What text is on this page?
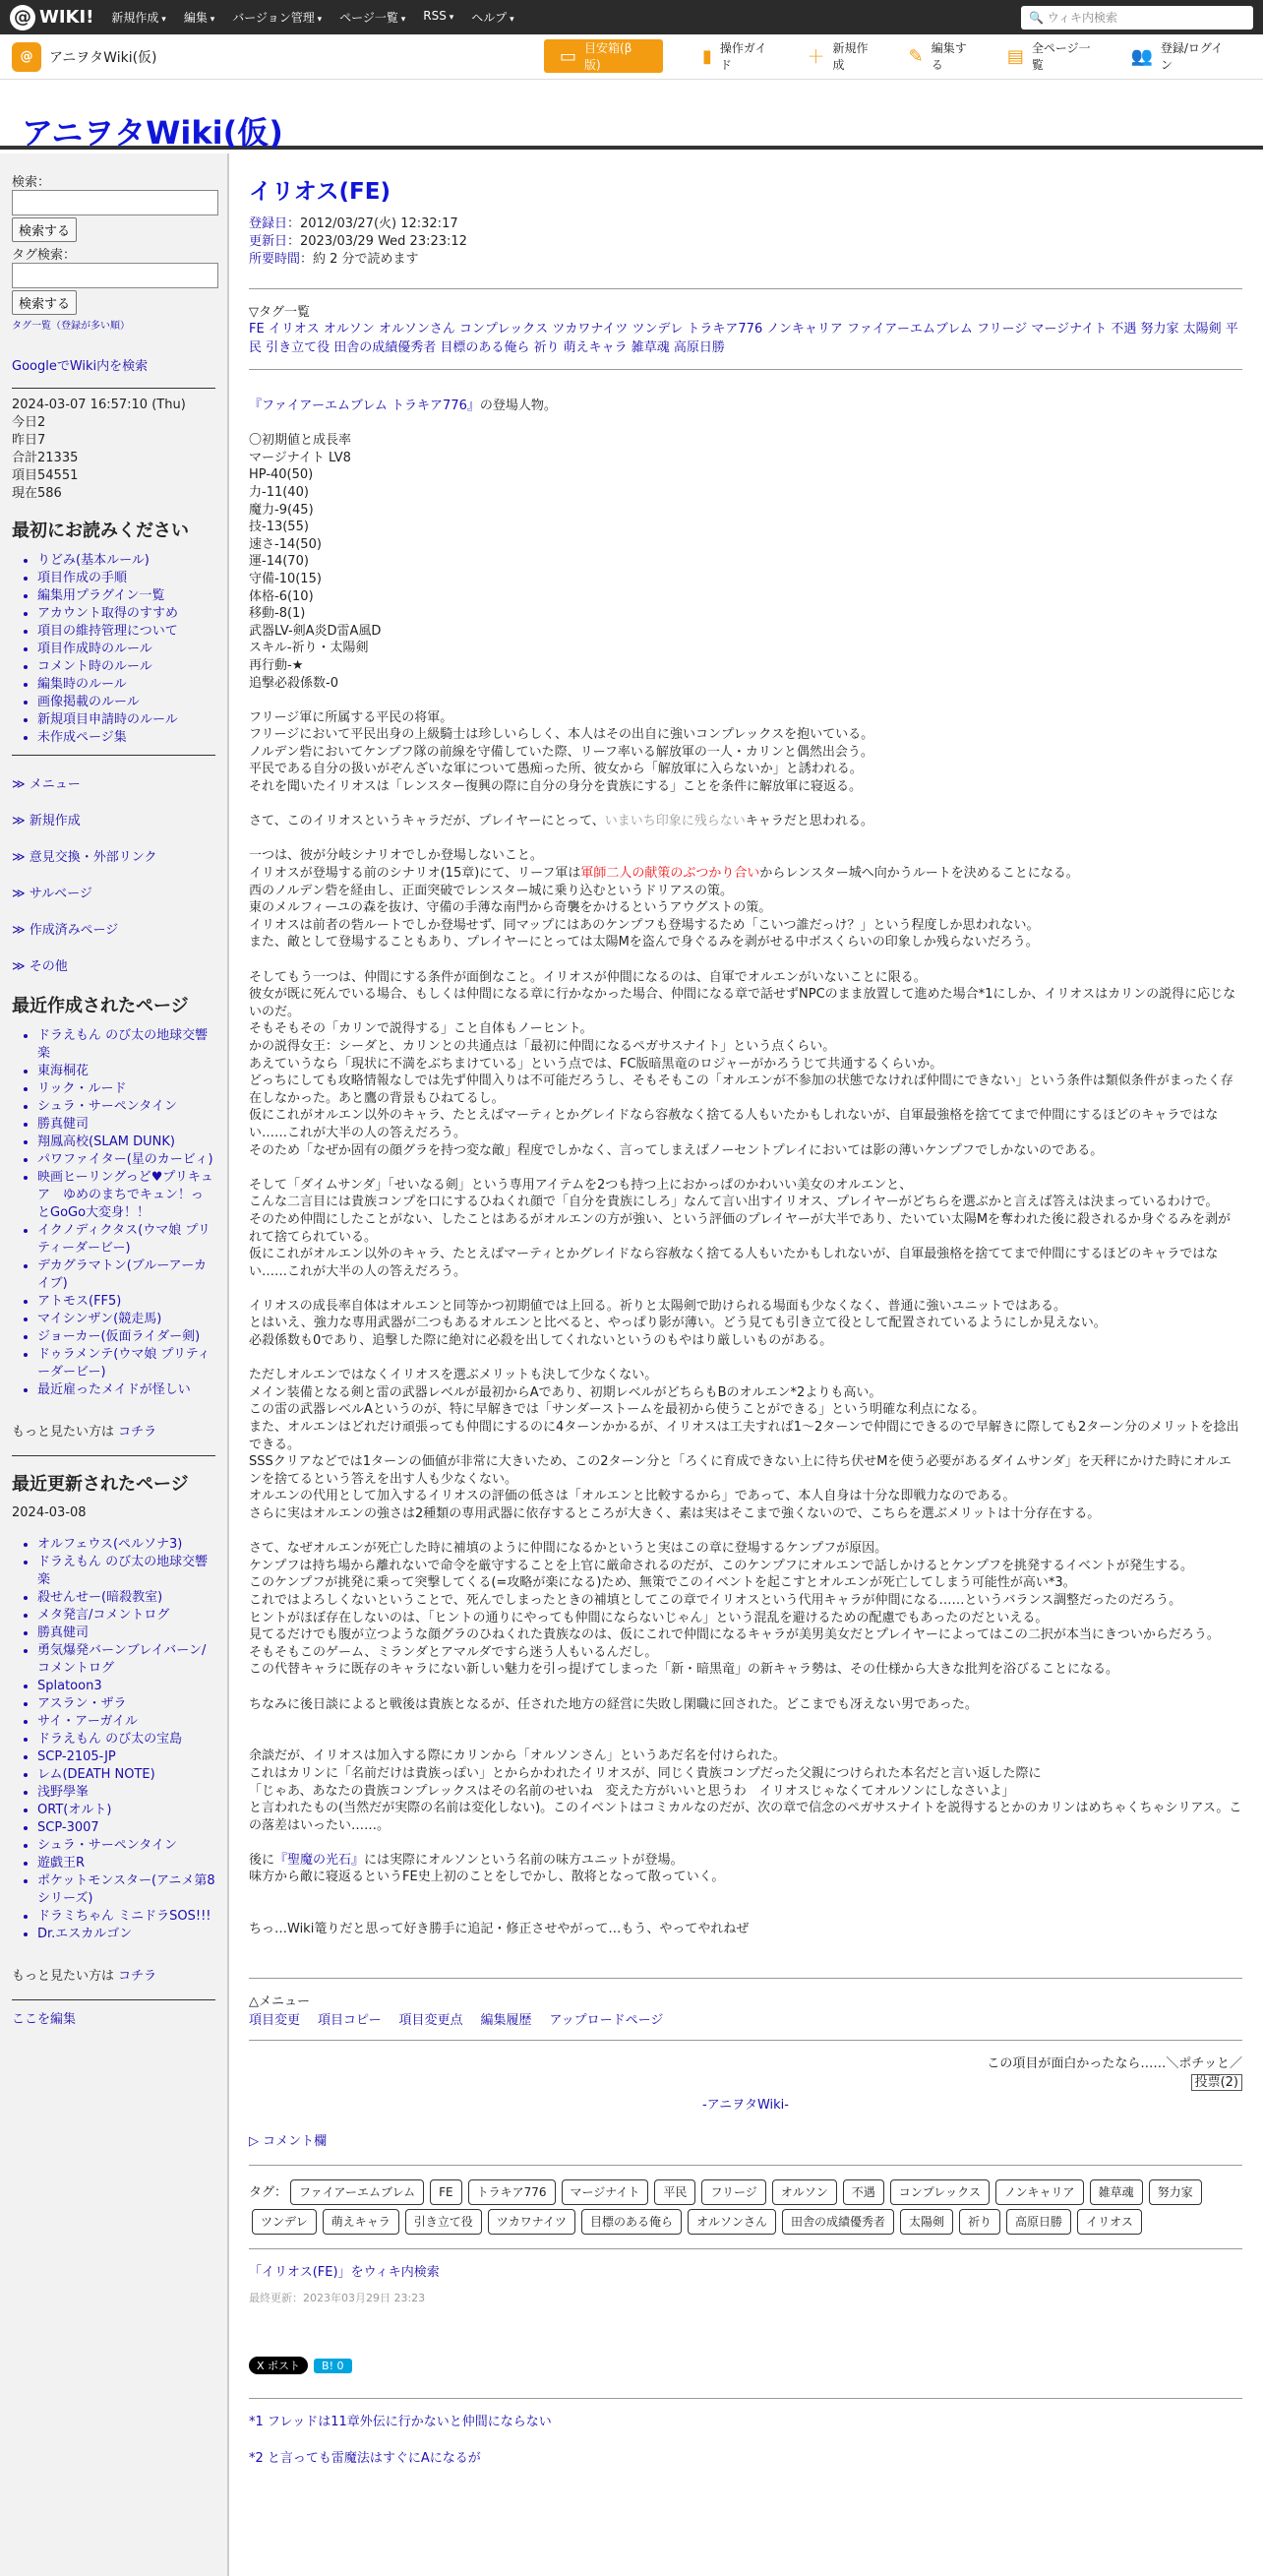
@ WIKI! 新規作成 ▾	編集 ▾	バージョン管理 ▾	ページ一覧 ▾	RSS ▾	ヘルプ ▾	🔍 ウィキ内検索
@	アニヲタWiki(仮)	▭ 目安箱(β版)	▮ 操作ガイド	＋ 新規作成	✎ 編集する	▤ 全ページ一覧	👥 登録/ログイン
アニヲタWiki(仮)
検索：
検索する
タグ検索：
検索する
タグ一覧（登録が多い順）
GoogleでWiki内を検索
2024-03-07 16:57:10 (Thu)
今日2
昨日7
合計21335
項目54551
現在586
最初にお読みください
• りどみ(基本ルール)
• 項目作成の手順
• 編集用プラグイン一覧
• アカウント取得のすすめ
• 項目の維持管理について
• 項目作成時のルール
• コメント時のルール
• 編集時のルール
• 画像掲載のルール
• 新規項目申請時のルール
• 未作成ページ集
≫ メニュー
≫ 新規作成
≫ 意見交換・外部リンク
≫ サルベージ
≫ 作成済みページ
≫ その他
最近作成されたページ
• ドラえもん のび太の地球交響楽
• 東海桐花
• リック・ルード
• シュラ・サーペンタイン
• 勝真健司
• 翔鳳高校(SLAM DUNK)
• パワファイター(星のカービィ)
• 映画ヒーリングっど♥プリキュア　ゆめのまちでキュン！っとGoGo大変身！！
• イクノディクタス(ウマ娘 プリティーダービー)
• デカグラマトン(ブルーアーカイブ)
• アトモス(FF5)
• マイシンザン(競走馬)
• ジョーカー(仮面ライダー剣)
• ドゥラメンテ(ウマ娘 プリティーダービー)
• 最近雇ったメイドが怪しい
もっと見たい方は コチラ
最近更新されたページ
2024-03-08
• オルフェウス(ペルソナ3)
• ドラえもん のび太の地球交響楽
• 殺せんせー(暗殺教室)
• メタ発言/コメントログ
• 勝真健司
• 勇気爆発バーンブレイバーン/コメントログ
• Splatoon3
• アスラン・ザラ
• サイ・アーガイル
• ドラえもん のび太の宝島
• SCP-2105-JP
• レム(DEATH NOTE)
• 浅野學峯
• ORT(オルト)
• SCP-3007
• シュラ・サーペンタイン
• 遊戯王R
• ポケットモンスター(アニメ第8シリーズ)
• ドラミちゃん ミニドラSOS!!!
• Dr.エスカルゴン
もっと見たい方は コチラ
ここを編集
イリオス(FE)
登録日：2012/03/27(火) 12:32:17
更新日：2023/03/29 Wed 23:23:12
所要時間：約 2 分で読めます
▽タグ一覧
FE イリオス オルソン オルソンさん コンプレックス ツカワナイツ ツンデレ トラキア776 ノンキャリア ファイアーエムブレム フリージ マージナイト 不遇 努力家 太陽剣 平民 引き立て役 田舎の成績優秀者 目標のある俺ら 祈り 萌えキャラ 雑草魂 高原日勝
『ファイアーエムブレム トラキア776』の登場人物。

〇初期値と成長率
マージナイト LV8
HP-40(50)
力-11(40)
魔力-9(45)
技-13(55)
速さ-14(50)
運-14(70)
守備-10(15)
体格-6(10)
移動-8(1)
武器LV-剣A炎D雷A風D
スキル-祈り・太陽剣
再行動-★
追撃必殺係数-0

フリージ軍に所属する平民の将軍。
フリージにおいて平民出身の上級騎士は珍しいらしく、本人はその出自に強いコンプレックスを抱いている。
ノルデン砦においてケンプフ隊の前線を守備していた際、リーフ率いる解放軍の一人・カリンと偶然出会う。
平民である自分の扱いがぞんざいな軍について愚痴った所、彼女から「解放軍に入らないか」と誘われる。
それを聞いたイリオスは「レンスター復興の際に自分の身分を貴族にする」ことを条件に解放軍に寝返る。

さて、このイリオスというキャラだが、プレイヤーにとって、いまいち印象に残らないキャラだと思われる。

一つは、彼が分岐シナリオでしか登場しないこと。
イリオスが登場する前のシナリオ(15章)にて、リーフ軍は軍師二人の献策のぶつかり合いからレンスター城へ向かうルートを決めることになる。
西のノルデン砦を経由し、正面突破でレンスター城に乗り込むというドリアスの策。
東のメルフィーユの森を抜け、守備の手薄な南門から奇襲をかけるというアウグストの策。
イリオスは前者の砦ルートでしか登場せず、同マップにはあのケンプフも登場するため「こいつ誰だっけ？」という程度しか思われない。
また、敵として登場することもあり、プレイヤーにとっては太陽Mを盗んで身ぐるみを剥がせる中ボスくらいの印象しか残らないだろう。

そしてもう一つは、仲間にする条件が面倒なこと。イリオスが仲間になるのは、自軍でオルエンがいないことに限る。
彼女が既に死んでいる場合、もしくは仲間になる章に行かなかった場合、仲間になる章で話せずNPCのまま放置して進めた場合*1にしか、イリオスはカリンの説得に応じないのだ。
そもそもその「カリンで説得する」こと自体もノーヒント。
かの説得女王：シーダと、カリンとの共通点は「最初に仲間になるペガサスナイト」という点くらい。
あえていうなら「現状に不満をぶちまけている」という点では、FC版暗黒竜のロジャーがかろうじて共通するくらいか。
どっちにしても攻略情報なしでは先ず仲間入りは不可能だろうし、そもそもこの「オルエンが不参加の状態でなければ仲間にできない」という条件は類似条件がまったく存在しなかった。あと鷹の背景もひねてるし。
仮にこれがオルエン以外のキャラ、たとえばマーティとかグレイドなら容赦なく捨てる人もいたかもしれないが、自軍最強格を捨ててまで仲間にするほどのキャラではない……これが大半の人の答えだろう。
そのため「なぜか固有の顔グラを持つ変な敵」程度でしかなく、言ってしまえばノーセントプレイにおいては影の薄いケンプフでしかないのである。

そして「ダイムサンダ」「せいなる剣」という専用アイテムを2つも持つ上におかっぱのかわいい美女のオルエンと、
こんな二言目には貴族コンプを口にするひねくれ顔で「自分を貴族にしろ」なんて言い出すイリオス、プレイヤーがどちらを選ぶかと言えば答えは決まっているわけで。
そのため仲間にしたことがない、したことはあるがオルエンの方が強い、という評価のプレイヤーが大半であり、たいてい太陽Mを奪われた後に殺されるか身ぐるみを剥がれて捨てられている。
仮にこれがオルエン以外のキャラ、たとえばマーティとかグレイドなら容赦なく捨てる人もいたかもしれないが、自軍最強格を捨ててまで仲間にするほどのキャラではない……これが大半の人の答えだろう。

イリオスの成長率自体はオルエンと同等かつ初期値では上回る。祈りと太陽剣で助けられる場面も少なくなく、普通に強いユニットではある。
とはいえ、強力な専用武器が二つもあるオルエンと比べると、やっぱり影が薄い。どう見ても引き立て役として配置されているようにしか見えない。
必殺係数も0であり、追撃した際に絶対に必殺を出してくれないというのもやはり厳しいものがある。

ただしオルエンではなくイリオスを選ぶメリットも決して少なくない。
メイン装備となる剣と雷の武器レベルが最初からAであり、初期レベルがどちらもBのオルエン*2よりも高い。
この雷の武器レベルAというのが、特に早解きでは「サンダーストームを最初から使うことができる」という明確な利点になる。
また、オルエンはどれだけ頑張っても仲間にするのに4ターンかかるが、イリオスは工夫すれば1〜2ターンで仲間にできるので早解きに際しても2ターン分のメリットを捻出できる。
SSSクリアなどでは1ターンの価値が非常に大きいため、この2ターン分と「ろくに育成できない上に待ち伏せMを使う必要があるダイムサンダ」を天秤にかけた時にオルエンを捨てるという答えを出す人も少なくない。
オルエンの代用として加入するイリオスの評価の低さは「オルエンと比較するから」であって、本人自身は十分な即戦力なのである。
さらに実はオルエンの強さは2種類の専用武器に依存するところが大きく、素は実はそこまで強くないので、こちらを選ぶメリットは十分存在する。

さて、なぜオルエンが死亡した時に補填のように仲間になるかというと実はこの章に登場するケンプフが原因。
ケンプフは持ち場から離れないで命令を厳守することを上官に厳命されるのだが、このケンプフにオルエンで話しかけるとケンプフを挑発するイベントが発生する。
このケンプフが挑発に乗って突撃してくる(=攻略が楽になる)ため、無策でこのイベントを起こすとオルエンが死亡してしまう可能性が高い*3。
これではよろしくないということで、死んでしまったときの補填としてこの章でイリオスという代用キャラが仲間になる……というバランス調整だったのだろう。
ヒントがほぼ存在しないのは、「ヒントの通りにやっても仲間にならないじゃん」という混乱を避けるための配慮でもあったのだといえる。
見てるだけでも腹が立つような顔グラのひねくれた貴族なのは、仮にこれで仲間になるキャラが美男美女だとプレイヤーによってはこの二択が本当にきついからだろう。
そもそもこのゲーム、ミランダとアマルダですら迷う人もいるんだし。
この代替キャラに既存のキャラにない新しい魅力を引っ提げてしまった「新・暗黒竜」の新キャラ勢は、その仕様から大きな批判を浴びることになる。

ちなみに後日談によると戦後は貴族となるが、任された地方の経営に失敗し閑職に回された。どこまでも冴えない男であった。

余談だが、イリオスは加入する際にカリンから「オルソンさん」というあだ名を付けられた。
これはカリンに「名前だけは貴族っぽい」とからかわれたイリオスが、同じく貴族コンプだった父親につけられた本名だと言い返した際に
「じゃあ、あなたの貴族コンプレックスはその名前のせいね　変えた方がいいと思うわ　イリオスじゃなくてオルソンにしなさいよ」
と言われたもの(当然だが実際の名前は変化しない)。このイベントはコミカルなのだが、次の章で信念のペガサスナイトを説得するとかのカリンはめちゃくちゃシリアス。この落差はいったい……。

後に『聖魔の光石』には実際にオルソンという名前の味方ユニットが登場。
味方から敵に寝返るというFE史上初のことをしでかし、散将となって散っていく。

ちっ…Wiki篭りだと思って好き勝手に追記・修正させやがって…もう、やってやれねぜ
△メニュー
項目変更 項目コピー 項目変更点 編集履歴 アップロードページ
この項目が面白かったなら……＼ポチッと／
投票(2)
-アニヲタWiki-
▷ コメント欄
タグ： ファイアーエムブレム FE トラキア776 マージナイト 平民 フリージ オルソン 不遇 コンプレックス ノンキャリア 雑草魂 努力家ツンデレ 萌えキャラ 引き立て役 ツカワナイツ 目標のある俺ら オルソンさん 田舎の成績優秀者 太陽剣 祈り 高原日勝 イリオス
「イリオス(FE)」をウィキ内検索
最終更新：2023年03月29日 23:23
X ポスト B! 0
*1 フレッドは11章外伝に行かないと仲間にならない
*2 と言っても雷魔法はすぐにAになるが
